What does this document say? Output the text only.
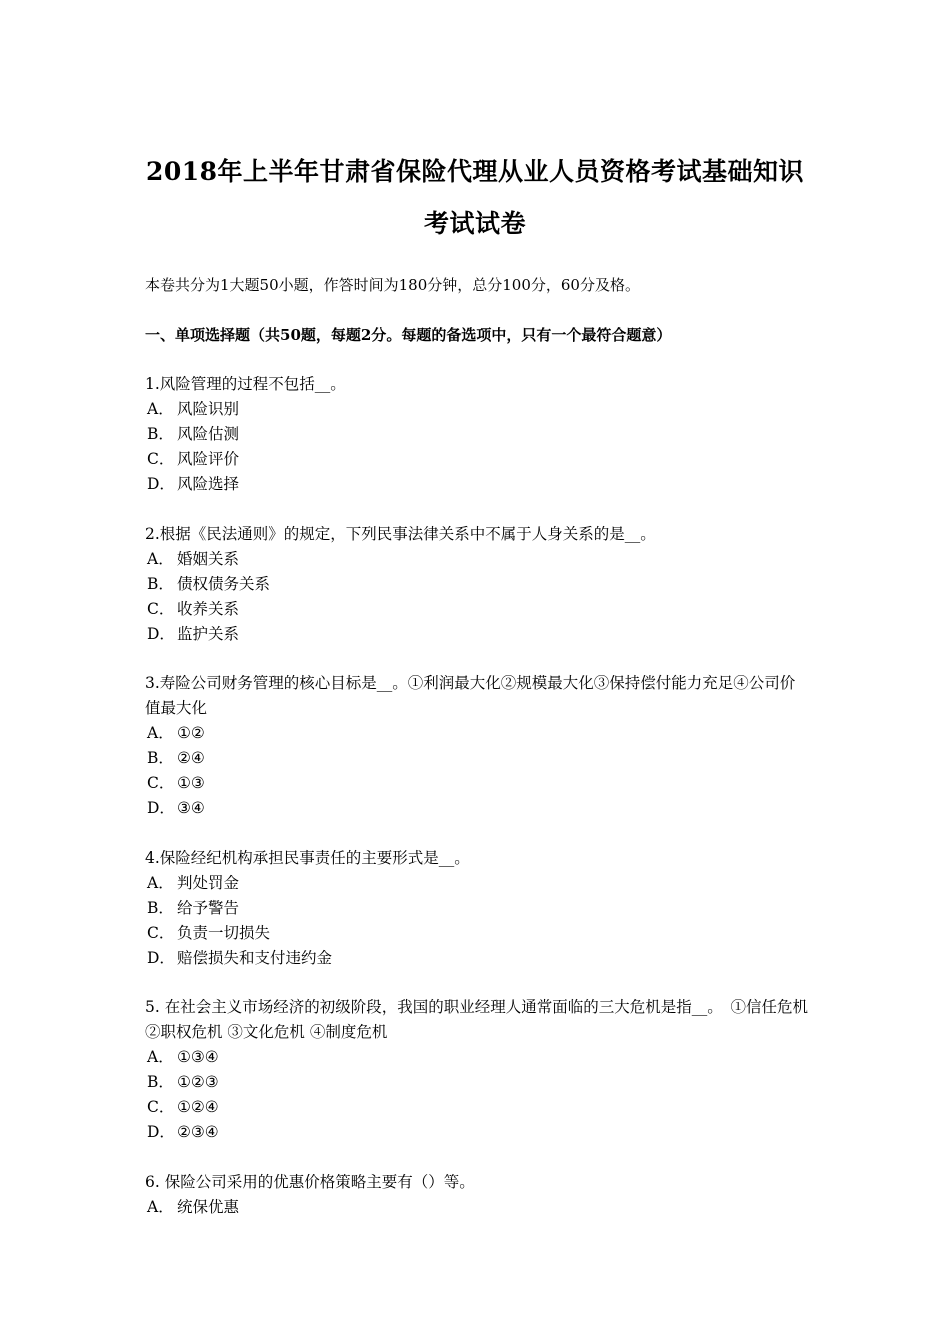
2018年上半年甘肃省保险代理从业人员资格考试基础知识
考试试卷
本卷共分为1大题50小题，作答时间为180分钟，总分100分，60分及格。
一、单项选择题（共50题，每题2分。每题的备选项中，只有一个最符合题意）

1.风险管理的过程不包括__。

A． 风险识别

B． 风险估测

C． 风险评价

D． 风险选择

2.根据《民法通则》的规定，下列民事法律关系中不属于人身关系的是__。

A． 婚姻关系

B． 债权债务关系

C． 收养关系

D． 监护关系

3.寿险公司财务管理的核心目标是__。①利润最大化②规模最大化③保持偿付能力充足④公司价值最大化

A． ①②

B． ②④

C． ①③

D． ③④

4.保险经纪机构承担民事责任的主要形式是__。

A． 判处罚金

B． 给予警告

C． 负责一切损失

D． 赔偿损失和支付违约金

5. 在社会主义市场经济的初级阶段，我国的职业经理人通常面临的三大危机是指__。　①信任危机 ②职权危机 ③文化危机 ④制度危机

A． ①③④

B． ①②③

C． ①②④

D． ②③④

6. 保险公司采用的优惠价格策略主要有（）等。

A． 统保优惠
